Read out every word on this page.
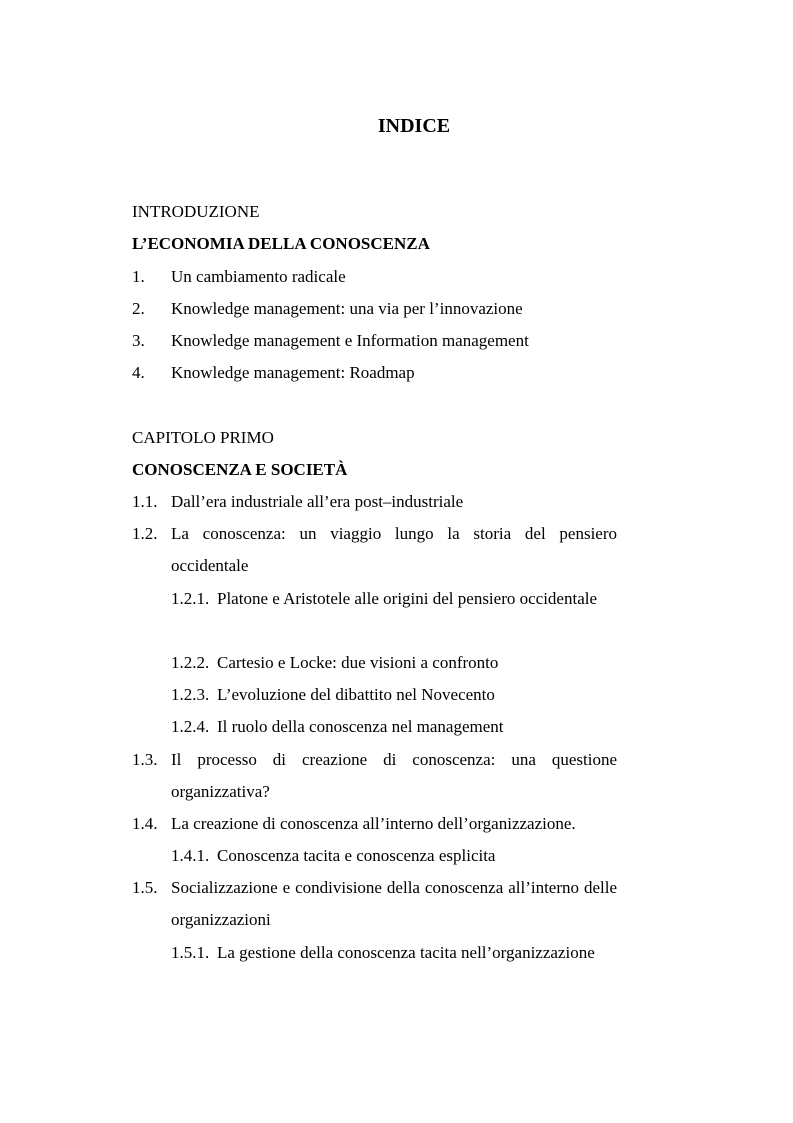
INDICE
INTRODUZIONE
L’ECONOMIA DELLA CONOSCENZA
1.	Un cambiamento radicale
2.	Knowledge management: una via per l’innovazione
3.	Knowledge management e Information management
4.	Knowledge management: Roadmap
CAPITOLO PRIMO
CONOSCENZA E SOCIETÀ
1.1. Dall’era industriale all’era post–industriale
1.2. La conoscenza: un viaggio lungo la storia del pensiero occidentale
1.2.1. Platone e Aristotele alle origini del pensiero occidentale
1.2.2. Cartesio e Locke: due visioni a confronto
1.2.3. L’evoluzione del dibattito nel Novecento
1.2.4. Il ruolo della conoscenza nel management
1.3. Il processo di creazione di conoscenza: una questione organizzativa?
1.4. La creazione di conoscenza all’interno dell’organizzazione.
1.4.1. Conoscenza tacita e conoscenza esplicita
1.5. Socializzazione e condivisione della conoscenza all’interno delle organizzazioni
1.5.1. La gestione della conoscenza tacita nell’organizzazione
